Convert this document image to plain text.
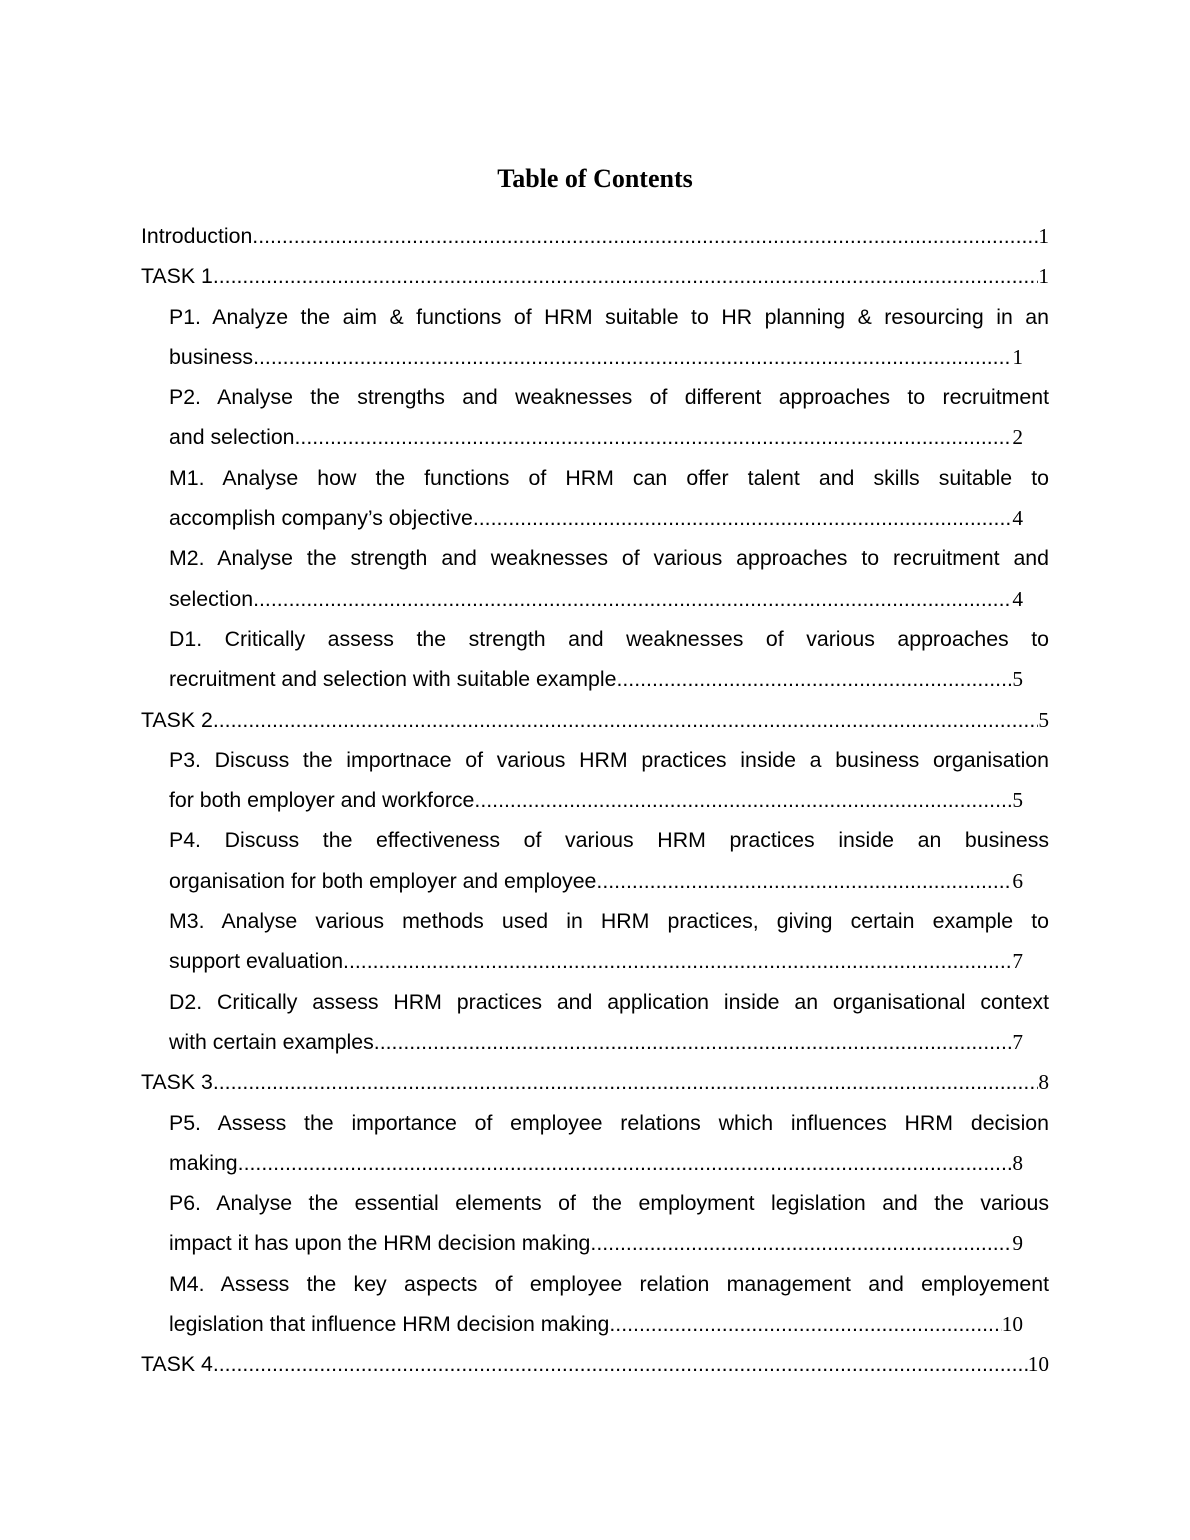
Table of Contents
Introduction .....	1
TASK 1 .....	1
P1. Analyze the aim & functions of HRM suitable to HR planning & resourcing in an
business .....	1
P2. Analyse the strengths and weaknesses of different approaches to recruitment
and selection .....	2
M1. Analyse how the functions of HRM can offer talent and skills suitable to
accomplish company’s objective .....	4
M2. Analyse the strength and weaknesses of various approaches to recruitment and
selection .....	4
D1. Critically assess the strength and weaknesses of various approaches to
recruitment and selection with suitable example .....	5
TASK 2 .....	5
P3. Discuss the importnace of various HRM practices inside a business organisation
for both employer and workforce .....	5
P4. Discuss the effectiveness of various HRM practices inside an business
organisation for both employer and employee. .....	6
M3. Analyse various methods used in HRM practices, giving certain example to
support evaluation .....	7
D2. Critically assess HRM practices and application inside an organisational context
with certain examples .....	7
TASK 3 .....	8
P5. Assess the importance of employee relations which influences HRM decision
making .....	8
P6. Analyse the essential elements of the employment legislation and the various
impact it has upon the HRM decision making .....	9
M4. Assess the key aspects of employee relation management and employement
legislation that influence HRM decision making .....	10
TASK 4 .....	10
